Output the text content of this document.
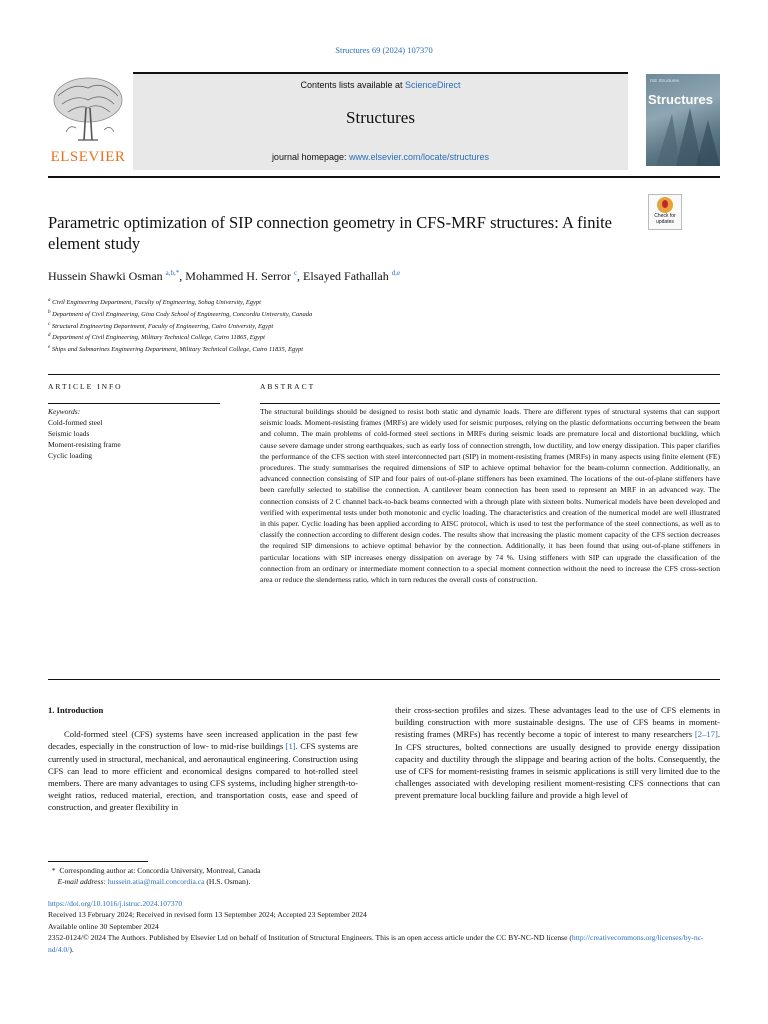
Structures 69 (2024) 107370
ELSEVIER
Contents lists available at ScienceDirect
Structures
journal homepage: www.elsevier.com/locate/structures
ISE Structures
Structures
Check for
updates
Parametric optimization of SIP connection geometry in CFS-MRF structures: A finite element study
Hussein Shawki Osman $^{a,b,*}$, Mohammed H. Serror $^c$, Elsayed Fathallah $^{d,e}$
$^a$ Civil Engineering Department, Faculty of Engineering, Sohag University, Egypt
$^b$ Department of Civil Engineering, Gina Cody School of Engineering, Concordia University, Canada
$^c$ Structural Engineering Department, Faculty of Engineering, Cairo University, Egypt
$^d$ Department of Civil Engineering, Military Technical College, Cairo 11865, Egypt
$^e$ Ships and Submarines Engineering Department, Military Technical College, Cairo 11835, Egypt
ARTICLE INFO	ABSTRACT
Keywords:
Cold-formed steel
Seismic loads
Moment-resisting frame
Cyclic loading
The structural buildings should be designed to resist both static and dynamic loads. There are different types of structural systems that can support seismic loads. Moment-resisting frames (MRFs) are widely used for seismic purposes, relying on the plastic deformations occurring between the beam and column. The main problems of cold-formed steel sections in MRFs during seismic loads are premature local and distortional buckling, which cause severe damage under strong earthquakes, such as early loss of connection strength, low ductility, and low energy dissipation. This paper clarifies the performance of the CFS section with steel interconnected part (SIP) in moment-resisting frames (MRFs) in many aspects using finite element (FE) procedures. The study summarises the required dimensions of SIP to achieve optimal behavior for the beam-column connection. Additionally, an advanced connection consisting of SIP and four pairs of out-of-plane stiffeners has been examined. The locations of the out-of-plane stiffeners have been carefully selected to stabilise the connection. A cantilever beam connection has been used to represent an MRF in an advanced way. The connection consists of 2 C channel back-to-back beams connected with a through plate with sixteen bolts. Numerical models have been developed and verified with experimental tests under both monotonic and cyclic loading. The characteristics and creation of the numerical model are well illustrated in this paper. Cyclic loading has been applied according to AISC protocol, which is used to test the performance of the steel connections, as well as to classify the connection according to different design codes. The results show that increasing the plastic moment capacity of the CFS section decreases the required SIP dimensions to achieve optimal behavior by the connection. Additionally, it has been found that using out-of-plane stiffeners in particular locations with SIP increases energy dissipation on average by 74 %. Using stiffeners with SIP can upgrade the classification of the connection from an ordinary or intermediate moment connection to a special moment connection without the need to increase the CFS cross-section area or reduce the slenderness ratio, which in turn reduces the overall costs of construction.
1. Introduction

Cold-formed steel (CFS) systems have seen increased application in the past few decades, especially in the construction of low- to mid-rise buildings [1]. CFS systems are currently used in structural, mechanical, and aeronautical engineering. Construction using CFS can lead to more efficient and economical designs compared to hot-rolled steel members. There are many advantages to using CFS systems, including higher strength-to-weight ratios, reduced material, erection, and transportation costs, ease and speed of construction, and greater flexibility in

their cross-section profiles and sizes. These advantages lead to the use of CFS elements in building construction with more sustainable designs. The use of CFS beams in moment-resisting frames (MRFs) has recently become a topic of interest to many researchers [2–17]. In CFS structures, bolted connections are usually designed to provide energy dissipation capacity and ductility through the slippage and bearing action of the bolts. Consequently, the use of CFS for moment-resisting frames in seismic applications is still very limited due to the challenges associated with developing resilient moment-resisting CFS connections that can prevent premature local buckling failure and provide a high level of

* Corresponding author at: Concordia University, Montreal, Canada
E-mail address: hussein.atia@mail.concordia.ca (H.S. Osman).
https://doi.org/10.1016/j.istruc.2024.107370
Received 13 February 2024; Received in revised form 13 September 2024; Accepted 23 September 2024
Available online 30 September 2024
2352-0124/© 2024 The Authors. Published by Elsevier Ltd on behalf of Institution of Structural Engineers. This is an open access article under the CC BY-NC-ND license (http://creativecommons.org/licenses/by-nc-nd/4.0/).
